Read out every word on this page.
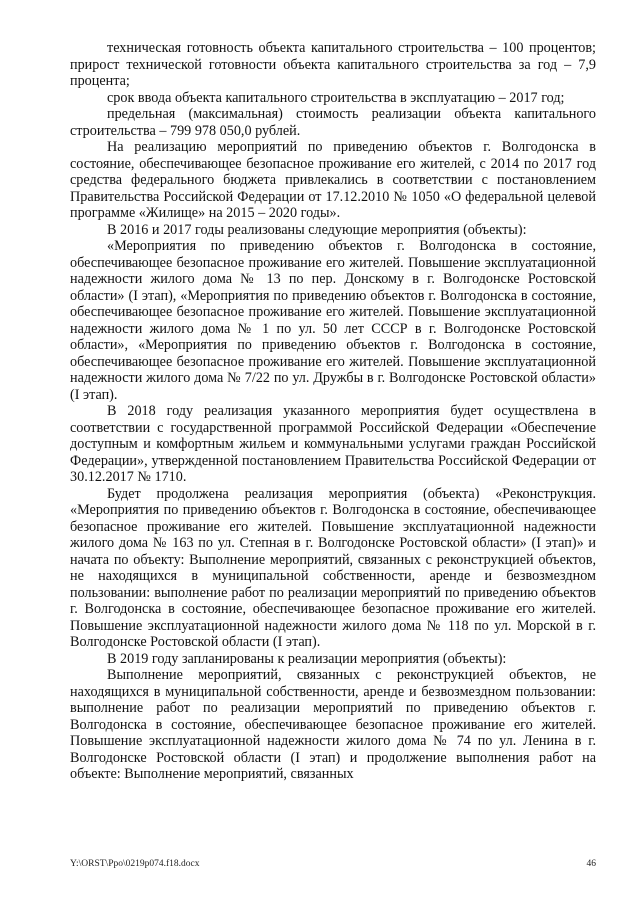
техническая готовность объекта капитального строительства – 100 процентов; прирост технической готовности объекта капитального строительства за год – 7,9 процента;

срок ввода объекта капитального строительства в эксплуатацию – 2017 год;

предельная (максимальная) стоимость реализации объекта капитального строительства – 799 978 050,0 рублей.

На реализацию мероприятий по приведению объектов г. Волгодонска в состояние, обеспечивающее безопасное проживание его жителей, с 2014 по 2017 год средства федерального бюджета привлекались в соответствии с постановлением Правительства Российской Федерации от 17.12.2010 № 1050 «О федеральной целевой программе «Жилище» на 2015 – 2020 годы».

В 2016 и 2017 годы реализованы следующие мероприятия (объекты):

«Мероприятия по приведению объектов г. Волгодонска в состояние, обеспечивающее безопасное проживание его жителей. Повышение эксплуатационной надежности жилого дома № 13 по пер. Донскому в г. Волгодонске Ростовской области» (I этап), «Мероприятия по приведению объектов г. Волгодонска в состояние, обеспечивающее безопасное проживание его жителей. Повышение эксплуатационной надежности жилого дома № 1 по ул. 50 лет СССР в г. Волгодонске Ростовской области», «Мероприятия по приведению объектов г. Волгодонска в состояние, обеспечивающее безопасное проживание его жителей. Повышение эксплуатационной надежности жилого дома № 7/22 по ул. Дружбы в г. Волгодонске Ростовской области» (I этап).

В 2018 году реализация указанного мероприятия будет осуществлена в соответствии с государственной программой Российской Федерации «Обеспечение доступным и комфортным жильем и коммунальными услугами граждан Российской Федерации», утвержденной постановлением Правительства Российской Федерации от 30.12.2017 № 1710.

Будет продолжена реализация мероприятия (объекта) «Реконструкция. «Мероприятия по приведению объектов г. Волгодонска в состояние, обеспечивающее безопасное проживание его жителей. Повышение эксплуатационной надежности жилого дома № 163 по ул. Степная в г. Волгодонске Ростовской области» (I этап)» и начата по объекту: Выполнение мероприятий, связанных с реконструкцией объектов, не находящихся в муниципальной собственности, аренде и безвозмездном пользовании: выполнение работ по реализации мероприятий по приведению объектов г. Волгодонска в состояние, обеспечивающее безопасное проживание его жителей. Повышение эксплуатационной надежности жилого дома № 118 по ул. Морской в г. Волгодонске Ростовской области (I этап).

В 2019 году запланированы к реализации мероприятия (объекты):

Выполнение мероприятий, связанных с реконструкцией объектов, не находящихся в муниципальной собственности, аренде и безвозмездном пользовании: выполнение работ по реализации мероприятий по приведению объектов г. Волгодонска в состояние, обеспечивающее безопасное проживание его жителей. Повышение эксплуатационной надежности жилого дома № 74 по ул. Ленина в г. Волгодонске Ростовской области (I этап) и продолжение выполнения работ на объекте: Выполнение мероприятий, связанных

Y:\ORST\Ppo\0219p074.f18.docx	46
